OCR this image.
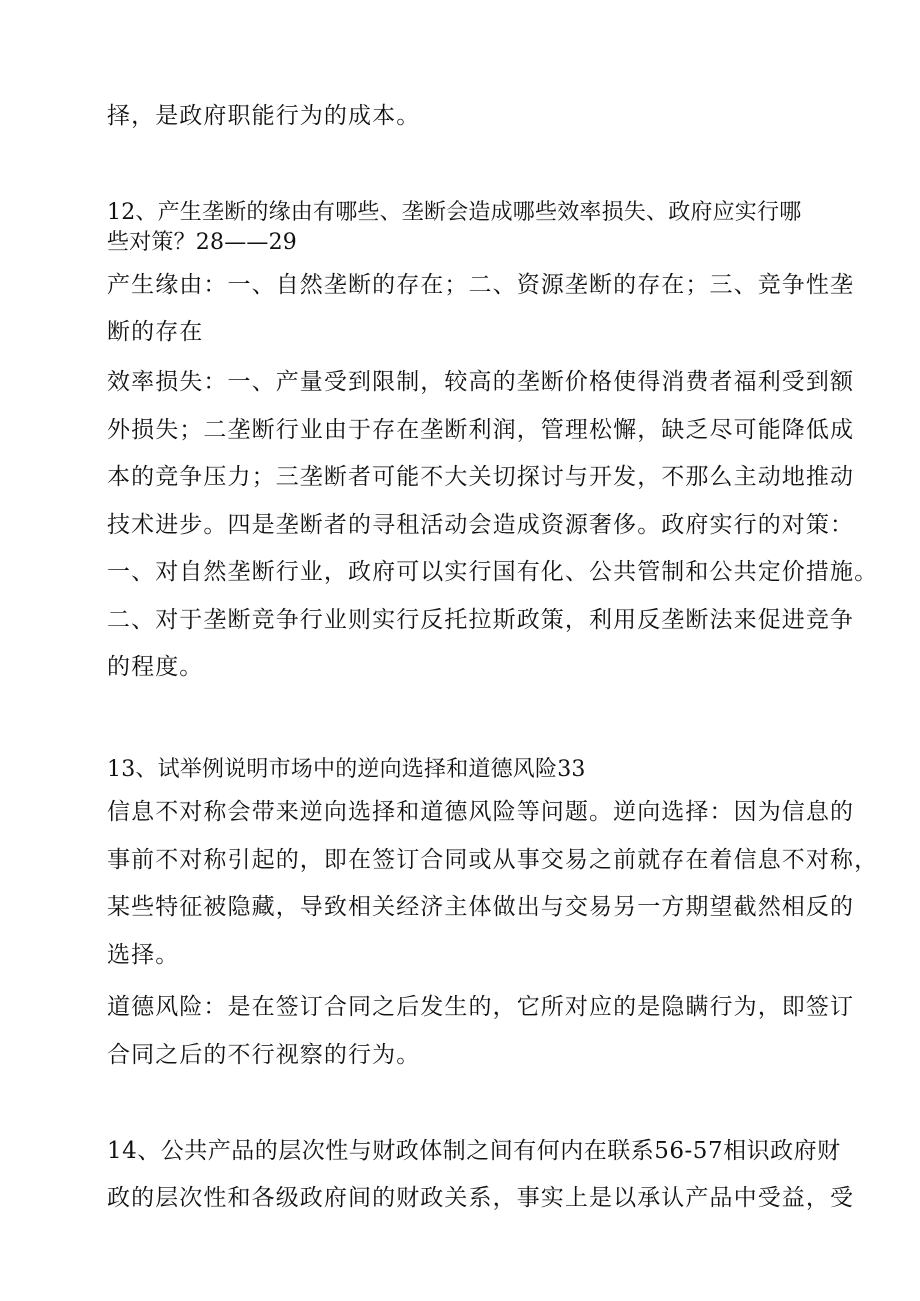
择，是政府职能行为的成本。
12、产生垄断的缘由有哪些、垄断会造成哪些效率损失、政府应实行哪
些对策？28——29
产生缘由：一、自然垄断的存在；二、资源垄断的存在；三、竞争性垄
断的存在
效率损失：一、产量受到限制，较高的垄断价格使得消费者福利受到额
外损失；二垄断行业由于存在垄断利润，管理松懈，缺乏尽可能降低成
本的竞争压力；三垄断者可能不大关切探讨与开发，不那么主动地推动
技术进步。四是垄断者的寻租活动会造成资源奢侈。政府实行的对策：
一、对自然垄断行业，政府可以实行国有化、公共管制和公共定价措施。
二、对于垄断竞争行业则实行反托拉斯政策，利用反垄断法来促进竞争
的程度。
13、试举例说明市场中的逆向选择和道德风险33
信息不对称会带来逆向选择和道德风险等问题。逆向选择：因为信息的
事前不对称引起的，即在签订合同或从事交易之前就存在着信息不对称，
某些特征被隐藏，导致相关经济主体做出与交易另一方期望截然相反的
选择。
道德风险：是在签订合同之后发生的，它所对应的是隐瞒行为，即签订
合同之后的不行视察的行为。
14、公共产品的层次性与财政体制之间有何内在联系56-57相识政府财
政的层次性和各级政府间的财政关系，事实上是以承认产品中受益，受
